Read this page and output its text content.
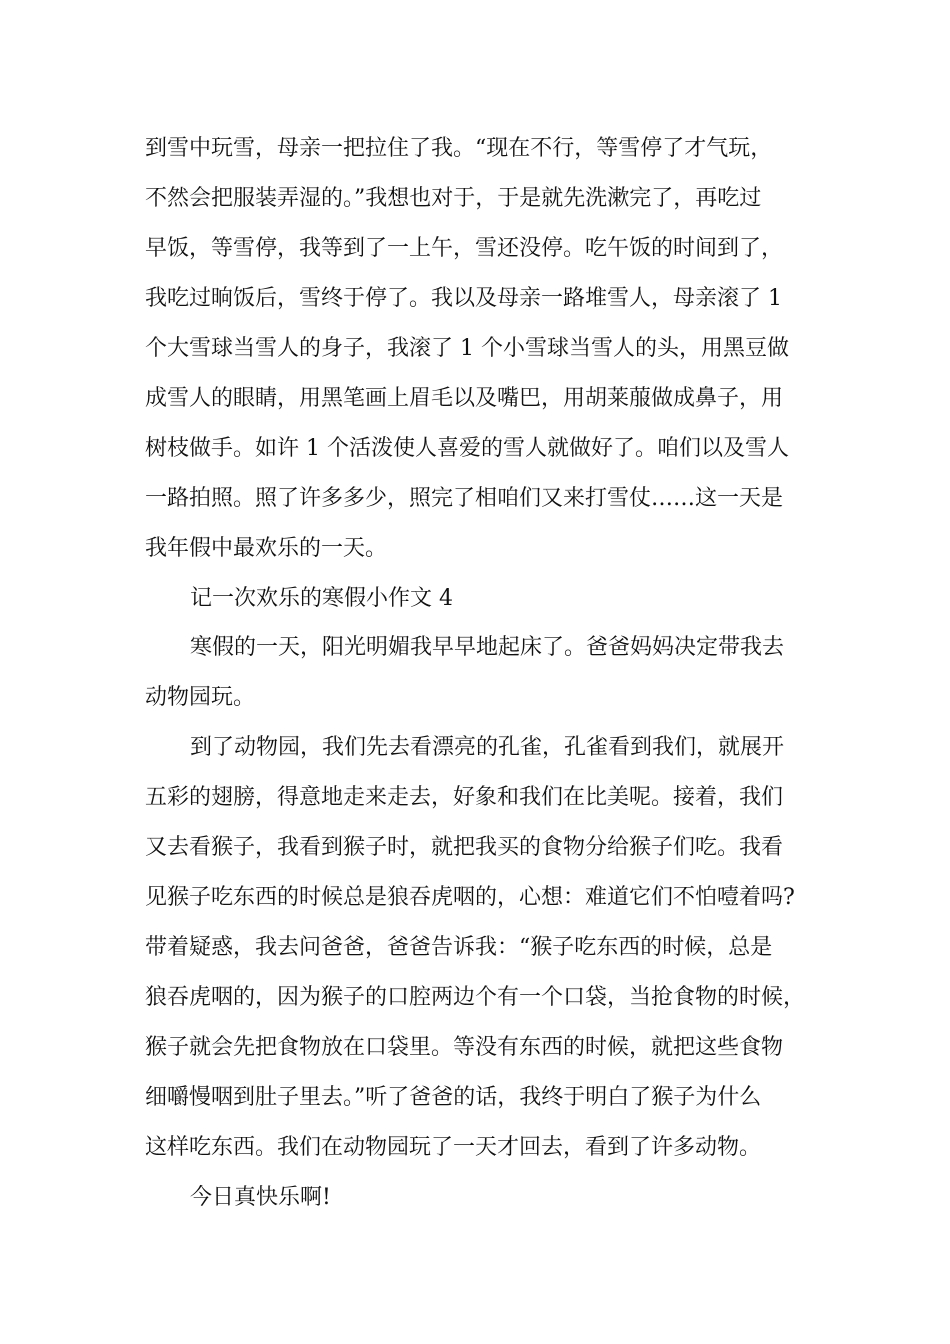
到雪中玩雪，母亲一把拉住了我。“现在不行，等雪停了才气玩，
不然会把服装弄湿的。”我想也对于，于是就先洗漱完了，再吃过
早饭，等雪停，我等到了一上午，雪还没停。吃午饭的时间到了，
我吃过晌饭后，雪终于停了。我以及母亲一路堆雪人，母亲滚了 1
个大雪球当雪人的身子，我滚了 1 个小雪球当雪人的头，用黑豆做
成雪人的眼睛，用黑笔画上眉毛以及嘴巴，用胡莱菔做成鼻子，用
树枝做手。如许 1 个活泼使人喜爱的雪人就做好了。咱们以及雪人
一路拍照。照了许多多少，照完了相咱们又来打雪仗……这一天是
我年假中最欢乐的一天。
记一次欢乐的寒假小作文 4
寒假的一天，阳光明媚我早早地起床了。爸爸妈妈决定带我去
动物园玩。
到了动物园，我们先去看漂亮的孔雀，孔雀看到我们，就展开
五彩的翅膀，得意地走来走去，好象和我们在比美呢。接着，我们
又去看猴子，我看到猴子时，就把我买的食物分给猴子们吃。我看
见猴子吃东西的时候总是狼吞虎咽的，心想：难道它们不怕噎着吗?
带着疑惑，我去问爸爸，爸爸告诉我：“猴子吃东西的时候，总是
狼吞虎咽的，因为猴子的口腔两边个有一个口袋，当抢食物的时候，
猴子就会先把食物放在口袋里。等没有东西的时候，就把这些食物
细嚼慢咽到肚子里去。”听了爸爸的话，我终于明白了猴子为什么
这样吃东西。我们在动物园玩了一天才回去，看到了许多动物。
今日真快乐啊!
